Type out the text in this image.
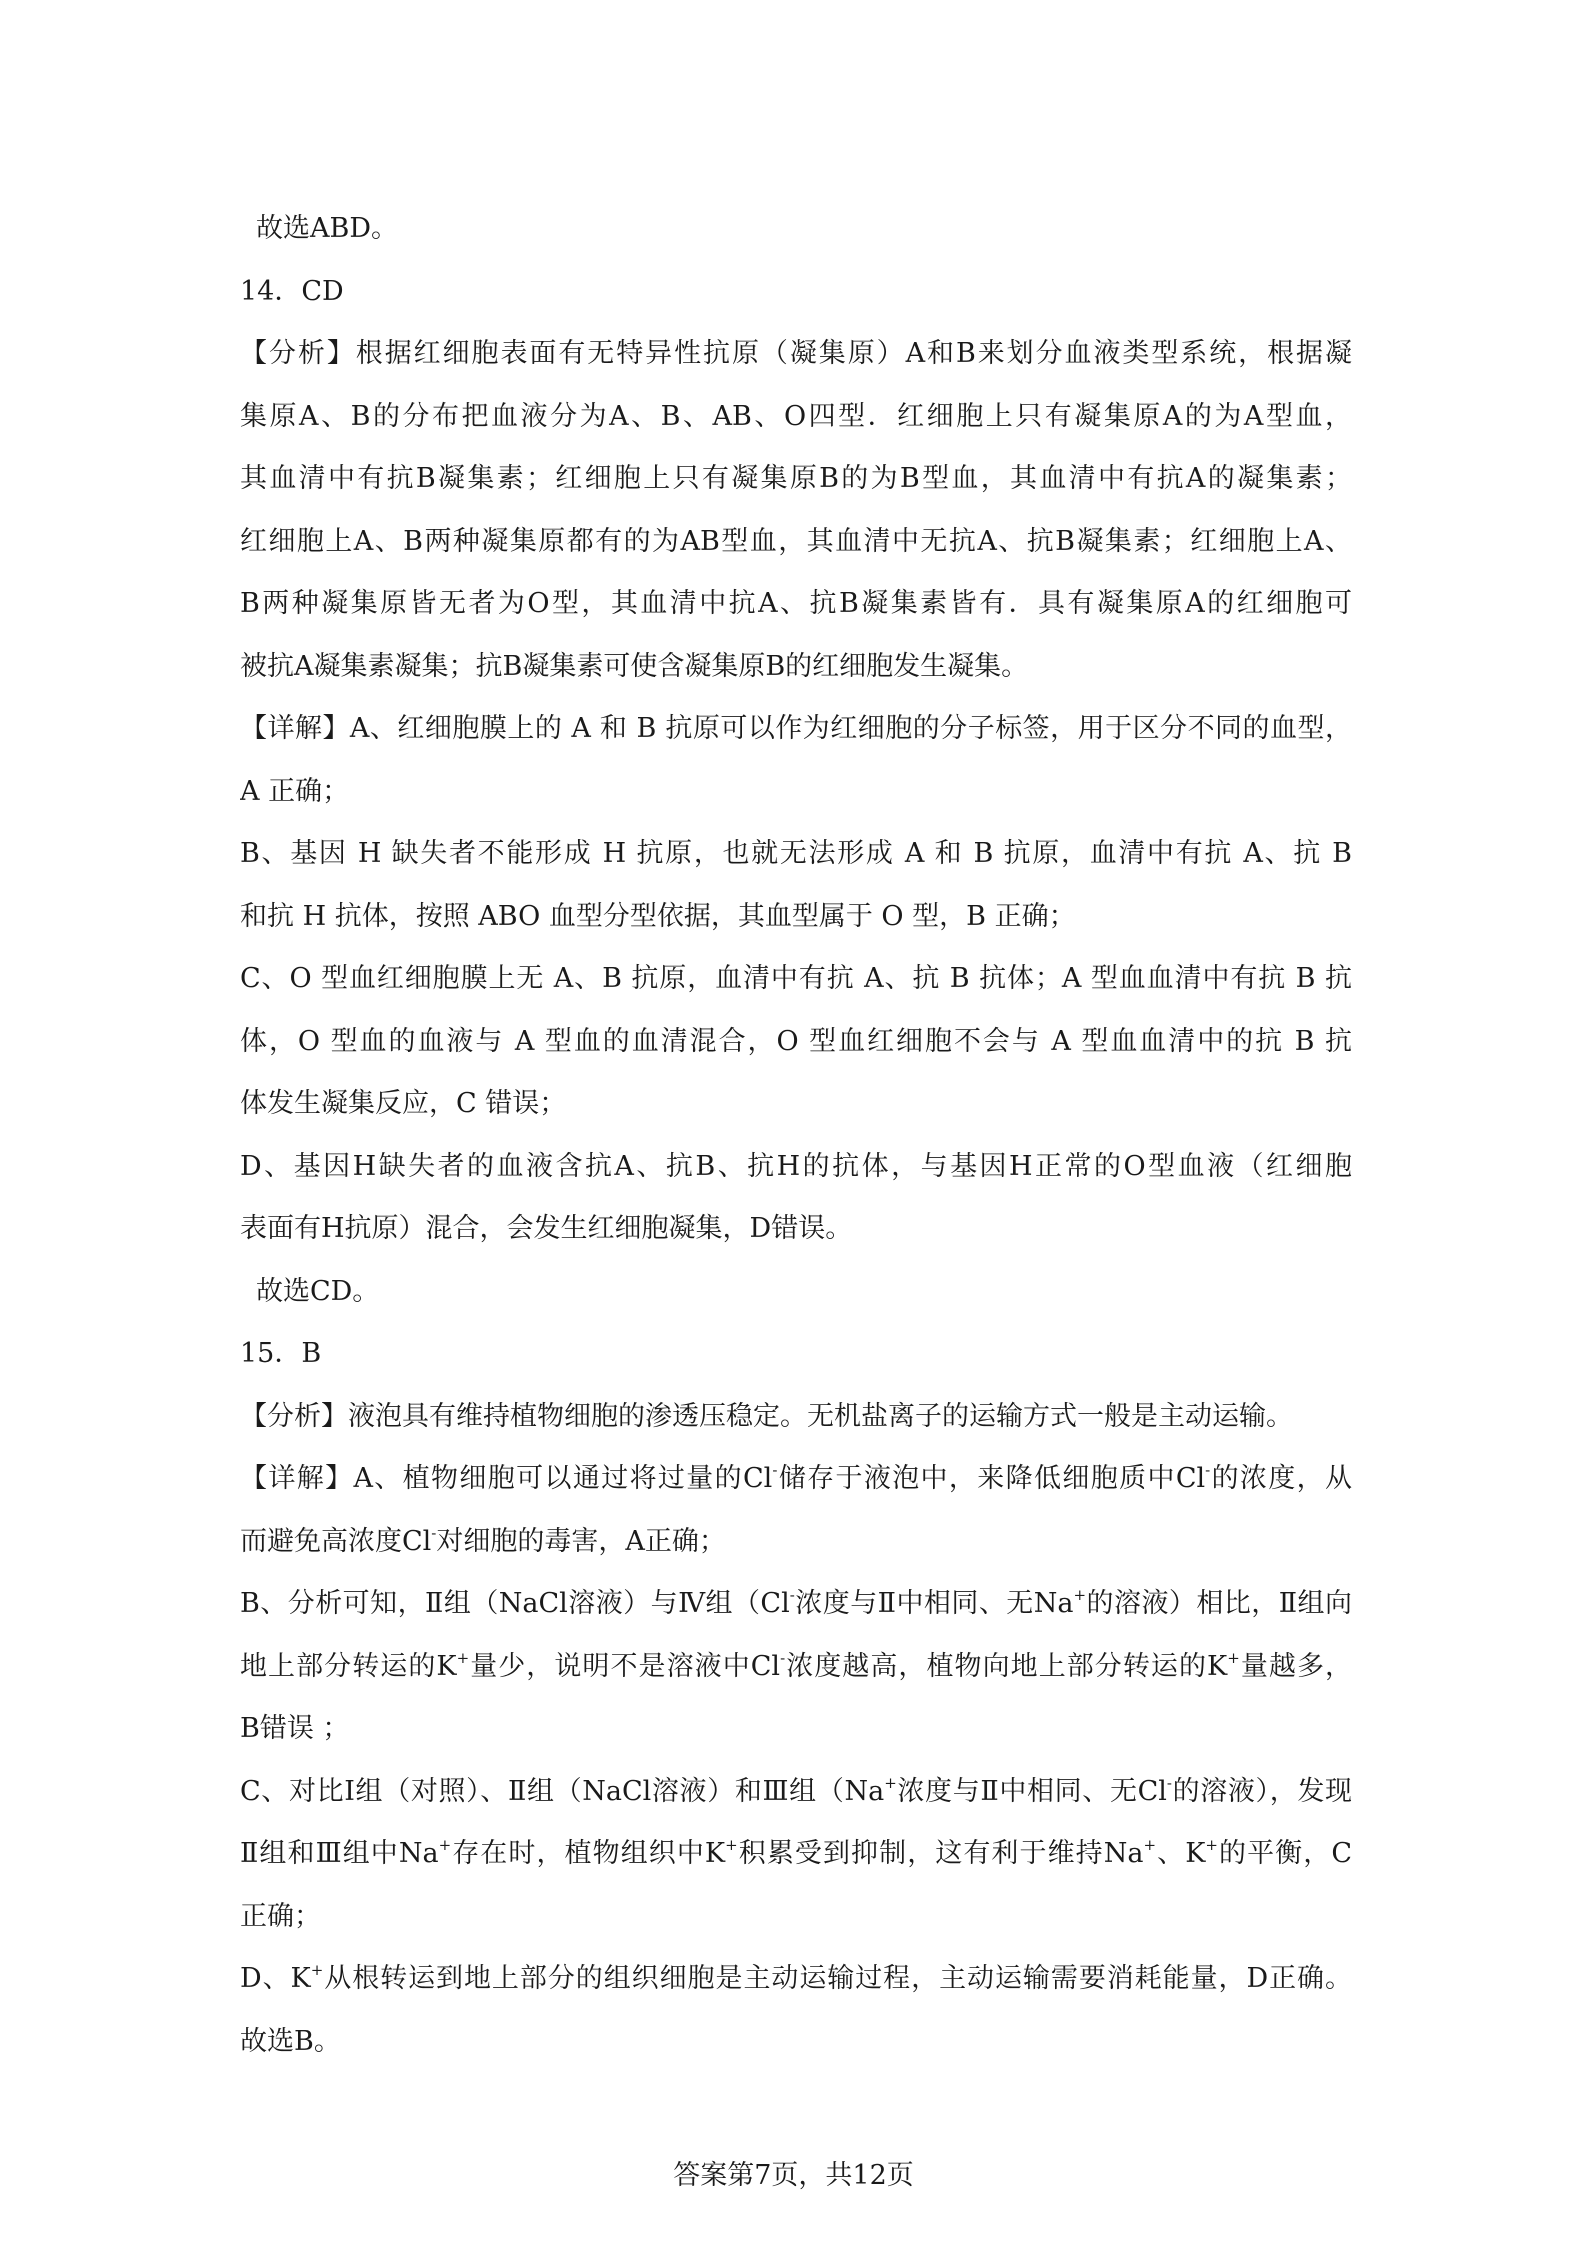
故选ABD。
14．CD
【分析】根据红细胞表面有无特异性抗原（凝集原）A和B来划分血液类型系统，根据凝
集原A、B的分布把血液分为A、B、AB、O四型．红细胞上只有凝集原A的为A型血，
其血清中有抗B凝集素；红细胞上只有凝集原B的为B型血，其血清中有抗A的凝集素；
红细胞上A、B两种凝集原都有的为AB型血，其血清中无抗A、抗B凝集素；红细胞上A、
B两种凝集原皆无者为O型，其血清中抗A、抗B凝集素皆有．具有凝集原A的红细胞可
被抗A凝集素凝集；抗B凝集素可使含凝集原B的红细胞发生凝集。
【详解】A、红细胞膜上的 A 和 B 抗原可以作为红细胞的分子标签，用于区分不同的血型，
A 正确；
B、基因 H 缺失者不能形成 H 抗原，也就无法形成 A 和 B 抗原，血清中有抗 A、抗 B
和抗 H 抗体，按照 ABO 血型分型依据，其血型属于 O 型，B 正确；
C、O 型血红细胞膜上无 A、B 抗原，血清中有抗 A、抗 B 抗体；A 型血血清中有抗 B 抗
体，O 型血的血液与 A 型血的血清混合，O 型血红细胞不会与 A 型血血清中的抗 B 抗
体发生凝集反应，C 错误；
D、基因H缺失者的血液含抗A、抗B、抗H的抗体，与基因H正常的O型血液（红细胞
表面有H抗原）混合，会发生红细胞凝集，D错误。
故选CD。
15．B
【分析】液泡具有维持植物细胞的渗透压稳定。无机盐离子的运输方式一般是主动运输。
【详解】A、植物细胞可以通过将过量的Cl-储存于液泡中，来降低细胞质中Cl-的浓度，从
而避免高浓度Cl-对细胞的毒害，A正确；
B、分析可知，Ⅱ组（NaCl溶液）与Ⅳ组（Cl-浓度与Ⅱ中相同、无Na+的溶液）相比，Ⅱ组向
地上部分转运的K+量少，说明不是溶液中Cl-浓度越高，植物向地上部分转运的K+量越多，
B错误 ；
C、对比Ⅰ组（对照）、Ⅱ组（NaCl溶液）和Ⅲ组（Na+浓度与Ⅱ中相同、无Cl-的溶液），发现
Ⅱ组和Ⅲ组中Na+存在时，植物组织中K+积累受到抑制，这有利于维持Na+、K+的平衡，C
正确；
D、K+从根转运到地上部分的组织细胞是主动运输过程，主动运输需要消耗能量，D正确。
故选B。
答案第7页，共12页
